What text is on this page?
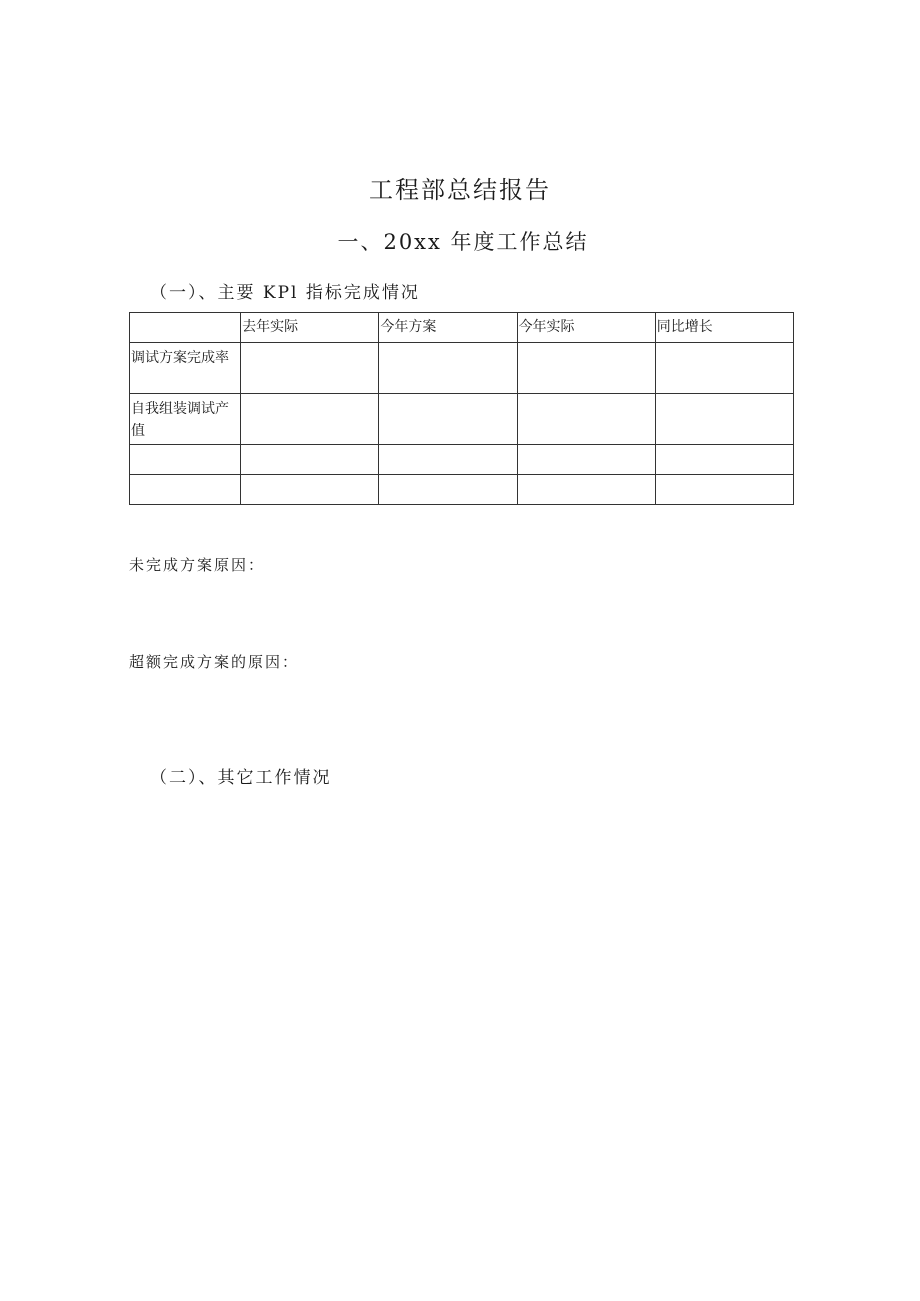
工程部总结报告
一、20xx 年度工作总结
（一）、主要 KPl 指标完成情况
	去年实际	今年方案	今年实际	同比增长
调试方案完成率				
自我组装调试产值				

未完成方案原因：
超额完成方案的原因：
（二）、其它工作情况
